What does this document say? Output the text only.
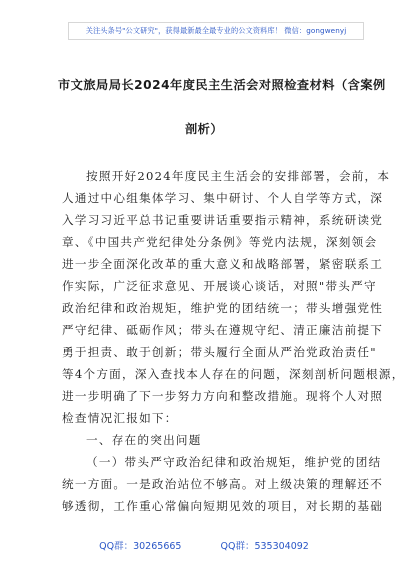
关注头条号"公文研究"，获得最新最全最专业的公文资料库！ 微信：gongwenyj
市文旅局局长2024年度民主生活会对照检查材料（含案例
剖析）
按照开好2024年度民主生活会的安排部署，会前，本
人通过中心组集体学习、集中研讨、个人自学等方式，深
入学习习近平总书记重要讲话重要指示精神，系统研读党
章、《中国共产党纪律处分条例》等党内法规，深刻领会
进一步全面深化改革的重大意义和战略部署，紧密联系工
作实际，广泛征求意见、开展谈心谈话，对照"带头严守
政治纪律和政治规矩，维护党的团结统一；带头增强党性
严守纪律、砥砺作风；带头在遵规守纪、清正廉洁前提下
勇于担责、敢于创新；带头履行全面从严治党政治责任"
等4个方面，深入查找本人存在的问题，深刻剖析问题根源，
进一步明确了下一步努力方向和整改措施。现将个人对照
检查情况汇报如下：
一、存在的突出问题
（一）带头严守政治纪律和政治规矩，维护党的团结
统一方面。一是政治站位不够高。对上级决策的理解还不
够透彻，工作重心常偏向短期见效的项目，对长期的基础
QQ群：30265665	QQ群：535304092
